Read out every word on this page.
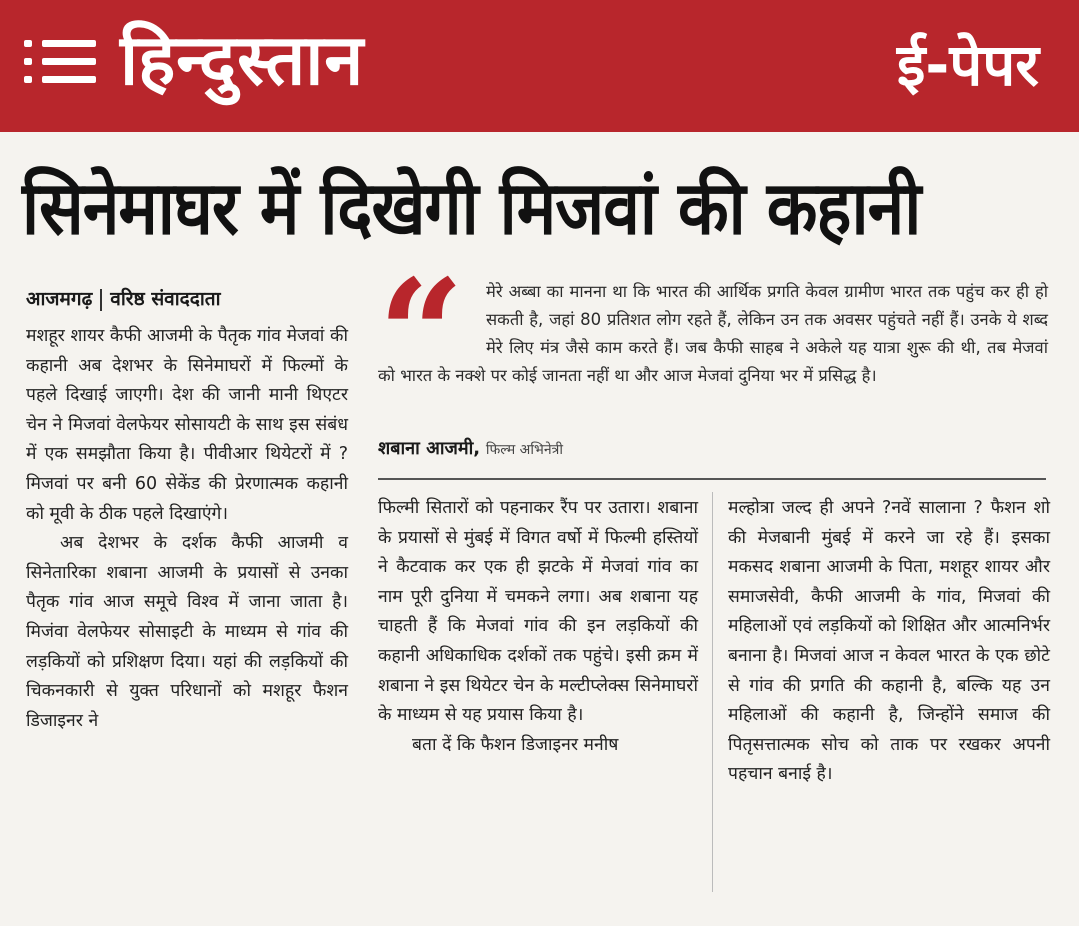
हिन्दुस्तान	ई-पेपर
सिनेमाघर में दिखेगी मिजवां की कहानी
आजमगढ़ वरिष्ठ संवाददाता

मशहूर शायर कैफी आजमी के पैतृक गांव मेजवां की कहानी अब देशभर के सिनेमाघरों में फिल्मों के पहले दिखाई जाएगी। देश की जानी मानी थिएटर चेन ने मिजवां वेलफेयर सोसायटी के साथ इस संबंध में एक समझौता किया है। पीवीआर थियेटरों में ?मिजवां पर बनी 60 सेकेंड की प्रेरणात्मक कहानी को मूवी के ठीक पहले दिखाएंगे।

अब देशभर के दर्शक कैफी आजमी व सिनेतारिका शबाना आजमी के प्रयासों से उनका पैतृक गांव आज समूचे विश्व में जाना जाता है। मिजंवा वेलफेयर सोसाइटी के माध्यम से गांव की लड़कियों को प्रशिक्षण दिया। यहां की लड़कियों की चिकनकारी से युक्त परिधानों को मशहूर फैशन डिजाइनर ने

मेरे अब्बा का मानना था कि भारत की आर्थिक प्रगति केवल ग्रामीण भारत तक पहुंच कर ही हो सकती है, जहां 80 प्रतिशत लोग रहते हैं, लेकिन उन तक अवसर पहुंचते नहीं हैं। उनके ये शब्द मेरे लिए मंत्र जैसे काम करते हैं। जब कैफी साहब ने अकेले यह यात्रा शुरू की थी, तब मेजवां को भारत के नक्शे पर कोई जानता नहीं था और आज मेजवां दुनिया भर में प्रसिद्ध है।
“
शबाना आजमी, फिल्म अभिनेत्री

फिल्मी सितारों को पहनाकर रैंप पर उतारा। शबाना के प्रयासों से मुंबई में विगत वर्षो में फिल्मी हस्तियों ने कैटवाक कर एक ही झटके में मेजवां गांव का नाम पूरी दुनिया में चमकने लगा। अब शबाना यह चाहती हैं कि मेजवां गांव की इन लड़कियों की कहानी अधिकाधिक दर्शकों तक पहुंचे। इसी क्रम में शबाना ने इस थियेटर चेन के मल्टीप्लेक्स सिनेमाघरों के माध्यम से यह प्रयास किया है।

बता दें कि फैशन डिजाइनर मनीष

मल्होत्रा जल्द ही अपने ?नवें सालाना ? फैशन शो की मेजबानी मुंबई में करने जा रहे हैं। इसका मकसद शबाना आजमी के पिता, मशहूर शायर और समाजसेवी, कैफी आजमी के गांव, मिजवां की महिलाओं एवं लड़कियों को शिक्षित और आत्मनिर्भर बनाना है। मिजवां आज न केवल भारत के एक छोटे से गांव की प्रगति की कहानी है, बल्कि यह उन महिलाओं की कहानी है, जिन्होंने समाज की पितृसत्तात्मक सोच को ताक पर रखकर अपनी पहचान बनाई है।
